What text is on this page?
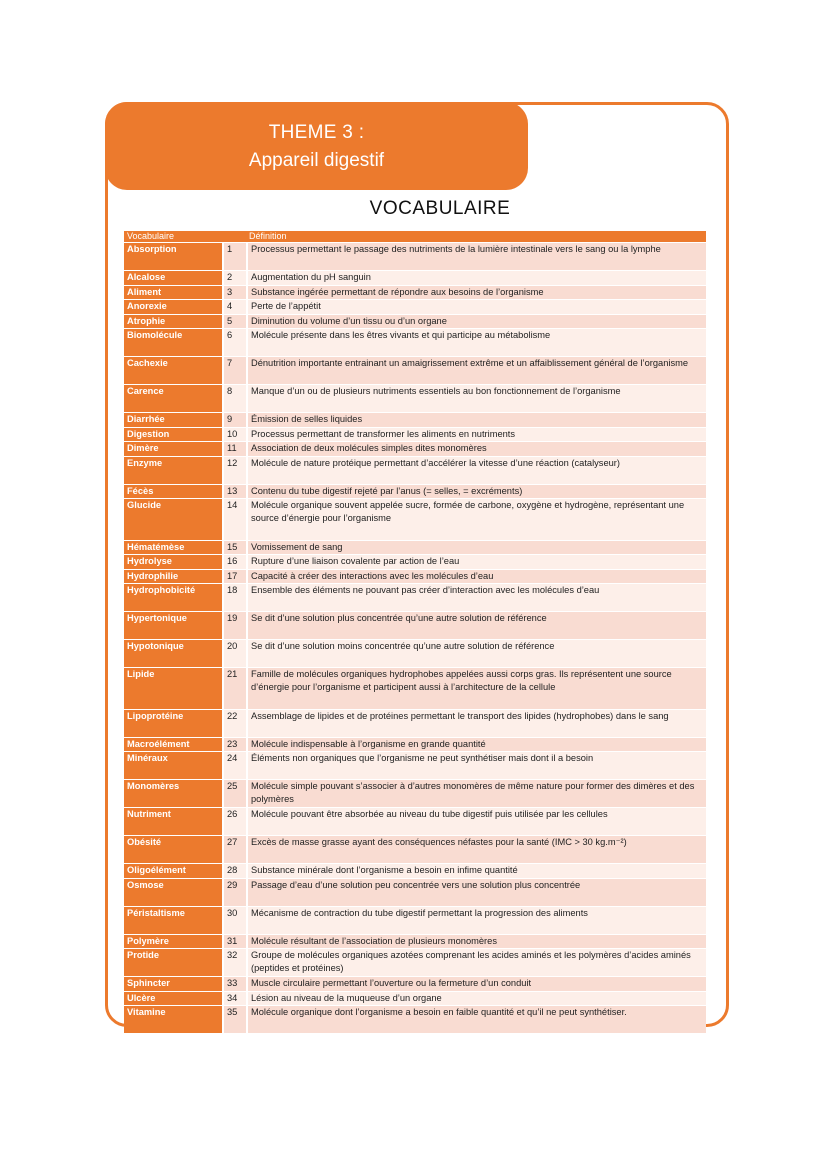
THEME 3 :
Appareil digestif
VOCABULAIRE
Vocabulaire		Définition
Absorption	1	Processus permettant le passage des nutriments de la lumière intestinale vers le sang ou la lymphe
Alcalose	2	Augmentation du pH sanguin
Aliment	3	Substance ingérée permettant de répondre aux besoins de l’organisme
Anorexie	4	Perte de l’appétit
Atrophie	5	Diminution du volume d’un tissu ou d’un organe
Biomolécule	6	Molécule présente dans les êtres vivants et qui participe au métabolisme
Cachexie	7	Dénutrition importante entrainant un amaigrissement extrême et un affaiblissement général de l’organisme
Carence	8	Manque d’un ou de plusieurs nutriments essentiels au bon fonctionnement de l’organisme
Diarrhée	9	Émission de selles liquides
Digestion	10	Processus permettant de transformer les aliments en nutriments
Dimère	11	Association de deux molécules simples dites monomères
Enzyme	12	Molécule de nature protéique permettant d’accélérer la vitesse d’une réaction (catalyseur)
Fécès	13	Contenu du tube digestif rejeté par l’anus (= selles, = excréments)
Glucide	14	Molécule organique souvent appelée sucre, formée de carbone, oxygène et hydrogène, représentant une source d’énergie pour l’organisme
Hématémèse	15	Vomissement de sang
Hydrolyse	16	Rupture d’une liaison covalente par action de l’eau
Hydrophilie	17	Capacité à créer des interactions avec les molécules d’eau
Hydrophobicité	18	Ensemble des éléments ne pouvant pas créer d’interaction avec les molécules d’eau
Hypertonique	19	Se dit d’une solution plus concentrée qu’une autre solution de référence
Hypotonique	20	Se dit d’une solution moins concentrée qu’une autre solution de référence
Lipide	21	Famille de molécules organiques hydrophobes appelées aussi corps gras. Ils représentent une source d’énergie pour l’organisme et participent aussi à l’architecture de la cellule
Lipoprotéine	22	Assemblage de lipides et de protéines permettant le transport des lipides (hydrophobes) dans le sang
Macroélément	23	Molécule indispensable à l’organisme en grande quantité
Minéraux	24	Éléments non organiques que l’organisme ne peut synthétiser mais dont il a besoin
Monomères	25	Molécule simple pouvant s’associer à d’autres monomères de même nature pour former des dimères et des polymères
Nutriment	26	Molécule pouvant être absorbée au niveau du tube digestif puis utilisée par les cellules
Obésité	27	Excès de masse grasse ayant des conséquences néfastes pour la santé (IMC > 30 kg.m⁻²)
Oligoélément	28	Substance minérale dont l’organisme a besoin en infime quantité
Osmose	29	Passage d’eau d’une solution peu concentrée vers une solution plus concentrée
Péristaltisme	30	Mécanisme de contraction du tube digestif permettant la progression des aliments
Polymère	31	Molécule résultant de l’association de plusieurs monomères
Protide	32	Groupe de molécules organiques azotées comprenant les acides aminés et les polymères d’acides aminés (peptides et protéines)
Sphincter	33	Muscle circulaire permettant l’ouverture ou la fermeture d’un conduit
Ulcère	34	Lésion au niveau de la muqueuse d’un organe
Vitamine	35	Molécule organique dont l’organisme a besoin en faible quantité et qu’il ne peut synthétiser.
